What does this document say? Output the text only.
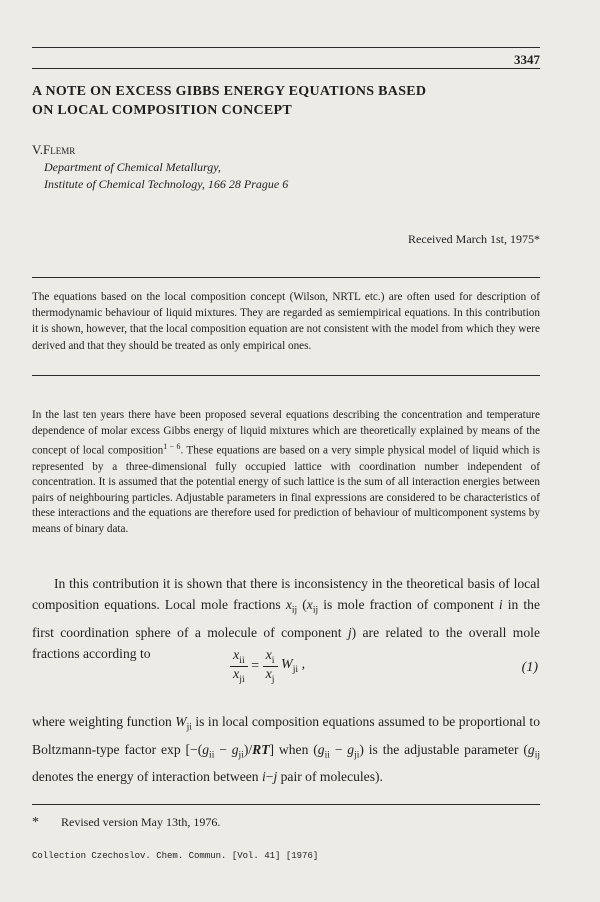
3347
A NOTE ON EXCESS GIBBS ENERGY EQUATIONS BASED
ON LOCAL COMPOSITION CONCEPT
V.Flemr
Department of Chemical Metallurgy,
Institute of Chemical Technology, 166 28 Prague 6
Received March 1st, 1975*
The equations based on the local composition concept (Wilson, NRTL etc.) are often used for description of thermodynamic behaviour of liquid mixtures. They are regarded as semiempirical equations. In this contribution it is shown, however, that the local composition equation are not consistent with the model from which they were derived and that they should be treated as only empirical ones.
In the last ten years there have been proposed several equations describing the concentration and temperature dependence of molar excess Gibbs energy of liquid mixtures which are theoretically explained by means of the concept of local composition$^{1 - 6}$. These equations are based on a very simple physical model of liquid which is represented by a three-dimensional fully occupied lattice with coordination number independent of concentration. It is assumed that the potential energy of such lattice is the sum of all interaction energies between pairs of neighbouring particles. Adjustable parameters in final expressions are considered to be characteristics of these interactions and the equations are therefore used for prediction of behaviour of multicomponent systems by means of binary data.
In this contribution it is shown that there is inconsistency in the theoretical basis of local composition equations. Local mole fractions $x_{ij}$ ($x_{ij}$ is mole fraction of component i in the first coordination sphere of a molecule of component j) are related to the overall mole fractions according to	$\frac{x_{ii}}{x_{ji}} = \frac{x_i}{x_j} W_{ji}$ ,	(1)
where weighting function $W_{ji}$ is in local composition equations assumed to be proportional to Boltzmann-type factor $\exp [-(g_{ii} - g_{ji})/RT]$ when $(g_{ii} - g_{ji})$ is the adjustable parameter ($g_{ij}$ denotes the energy of interaction between i−j pair of molecules).
* Revised version May 13th, 1976.
Collection Czechoslov. Chem. Commun. [Vol. 41] [1976]
